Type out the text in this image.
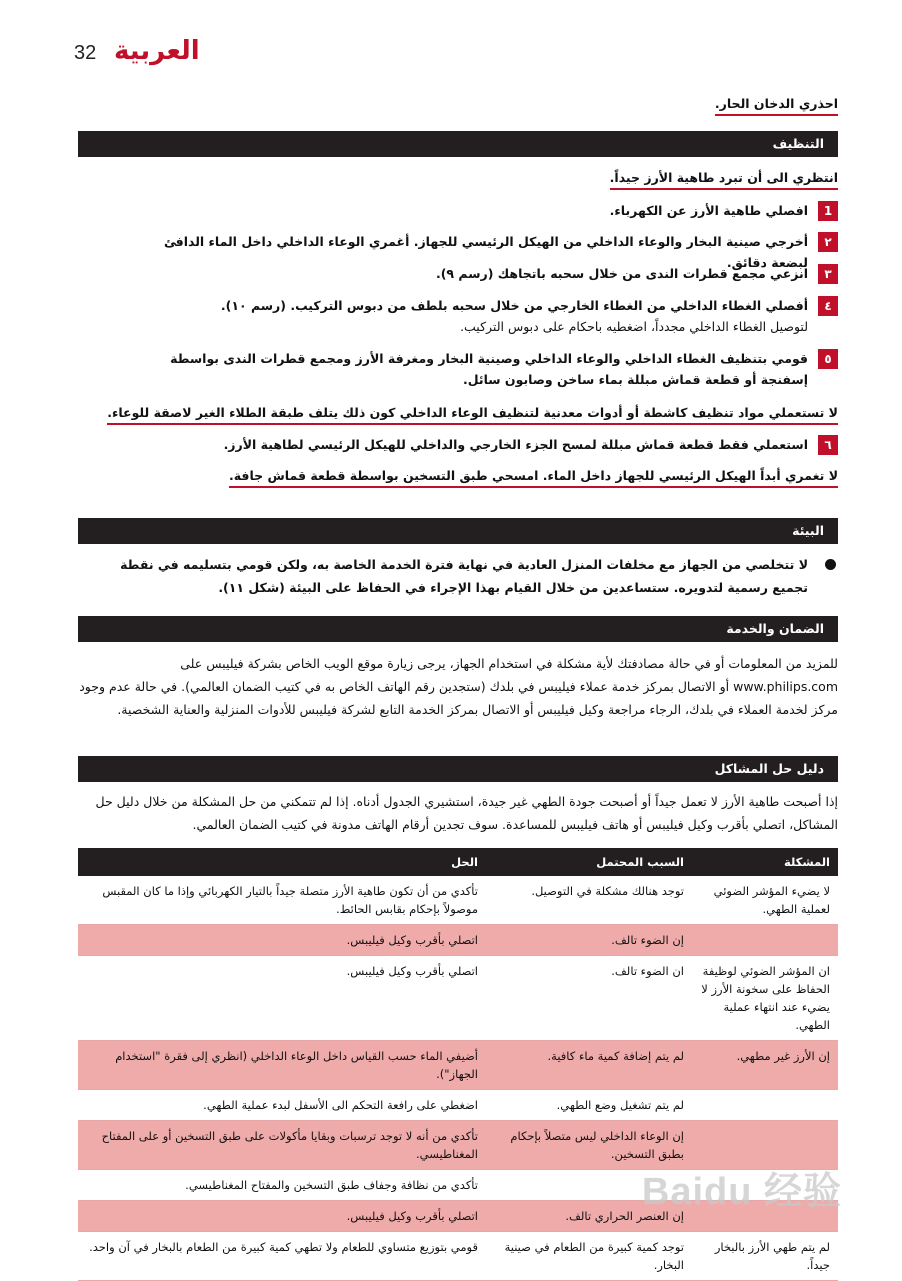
32 العربية
احذري الدخان الحار.
التنظيف
انتظري الى أن تبرد طاهية الأرز جيداً.
1
افصلي طاهية الأرز عن الكهرباء.
٢
أخرجي صينية البخار والوعاء الداخلي من الهيكل الرئيسي للجهاز. أغمري الوعاء الداخلي داخل الماء الدافئ لبضعة دقائق.
٣
انزعي مجمع قطرات الندى من خلال سحبه باتجاهك (رسم ٩).
٤
أفصلي الغطاء الداخلي من الغطاء الخارجي من خلال سحبه بلطف من دبوس التركيب. (رسم ١٠).
لتوصيل الغطاء الداخلي مجدداً، اضغطيه باحكام على دبوس التركيب.
٥
قومي بتنظيف الغطاء الداخلي والوعاء الداخلي وصينية البخار ومغرفة الأرز ومجمع قطرات الندى بواسطة إسفنجة أو قطعة قماش مبللة بماء ساخن وصابون سائل.
لا تستعملي مواد تنظيف كاشطة أو أدوات معدنية لتنظيف الوعاء الداخلي كون ذلك يتلف طبقة الطلاء الغير لاصقة للوعاء.
٦
استعملي فقط قطعة قماش مبللة لمسح الجزء الخارجي والداخلي للهيكل الرئيسي لطاهية الأرز.
لا تغمري أبداً الهيكل الرئيسي للجهاز داخل الماء. امسحي طبق التسخين بواسطة قطعة قماش جافة.
البيئة
لا تتخلصي من الجهاز مع مخلفات المنزل العادية في نهاية فترة الخدمة الخاصة به، ولكن قومي بتسليمه في نقطة تجميع رسمية لتدويره. ستساعدين من خلال القيام بهذا الإجراء في الحفاظ على البيئة (شكل ١١).
الضمان والخدمة
للمزيد من المعلومات أو في حالة مصادفتك لأية مشكلة في استخدام الجهاز، يرجى زيارة موقع الويب الخاص بشركة فيليبس على www.philips.com أو الاتصال بمركز خدمة عملاء فيليبس في بلدك (ستجدين رقم الهاتف الخاص به في كتيب الضمان العالمي). في حالة عدم وجود مركز لخدمة العملاء في بلدك، الرجاء مراجعة وكيل فيليبس أو الاتصال بمركز الخدمة التابع لشركة فيليبس للأدوات المنزلية والعناية الشخصية.
دليل حل المشاكل
إذا أصبحت طاهية الأرز لا تعمل جيداً أو أصبحت جودة الطهي غير جيدة، استشيري الجدول أدناه. إذا لم تتمكني من حل المشكلة من خلال دليل حل المشاكل، اتصلي بأقرب وكيل فيليبس أو هاتف فيليبس للمساعدة. سوف تجدين أرقام الهاتف مدونة في كتيب الضمان العالمي.
المشكلة	السبب المحتمل	الحل
لا يضيء المؤشر الضوئي لعملية الطهي.	توجد هنالك مشكلة في التوصيل.	تأكدي من أن تكون طاهية الأرز متصلة جيداً بالتيار الكهربائي وإذا ما كان المقبس موصولاً بإحكام بقابس الحائط.
	إن الضوء تالف.	اتصلي بأقرب وكيل فيليبس.
ان المؤشر الضوئي لوظيفة الحفاظ على سخونة الأرز لا يضيء عند انتهاء عملية الطهي.	ان الضوء تالف.	اتصلي بأقرب وكيل فيليبس.
إن الأرز غير مطهي.	لم يتم إضافة كمية ماء كافية.	أضيفي الماء حسب القياس داخل الوعاء الداخلي (انظري إلى فقرة "استخدام الجهاز").
	لم يتم تشغيل وضع الطهي.	اضغطي على رافعة التحكم الى الأسفل لبدء عملية الطهي.
	إن الوعاء الداخلي ليس متصلاً بإحكام بطبق التسخين.	تأكدي من أنه لا توجد ترسبات وبقايا مأكولات على طبق التسخين أو على المفتاح المغناطيسي.
		تأكدي من نظافة وجفاف طبق التسخين والمفتاح المغناطيسي.
	إن العنصر الحراري تالف.	اتصلي بأقرب وكيل فيليبس.
لم يتم طهي الأرز بالبخار جيداً.	توجد كمية كبيرة من الطعام في صينية البخار.	قومي بتوزيع متساوي للطعام ولا تطهي كمية كبيرة من الطعام بالبخار في آن واحد.
Baidu 经验
